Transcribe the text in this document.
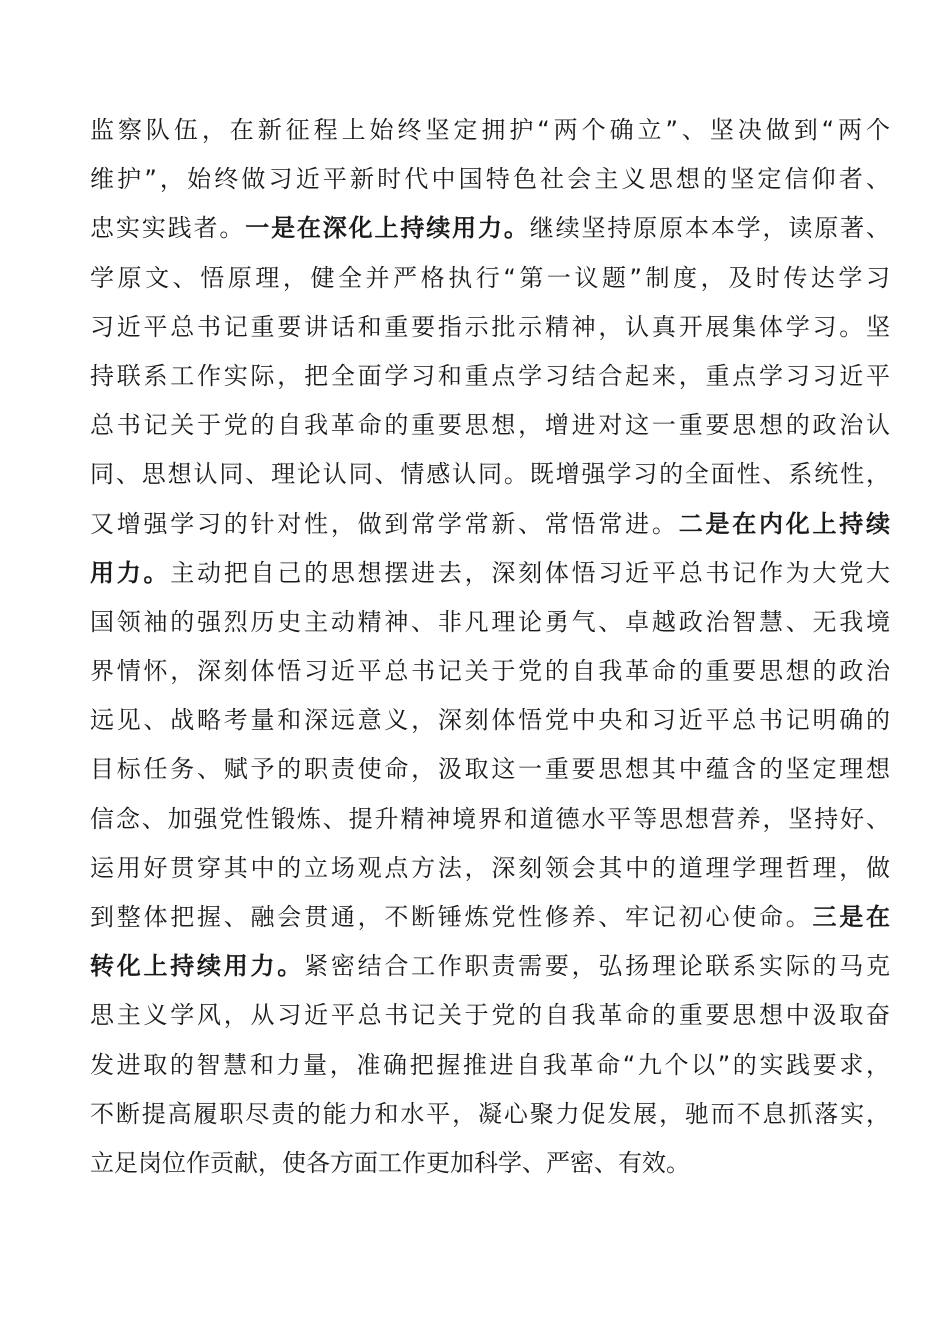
监察队伍，在新征程上始终坚定拥护“两个确立”、坚决做到“两个
维护”，始终做习近平新时代中国特色社会主义思想的坚定信仰者、
忠实实践者。一是在深化上持续用力。继续坚持原原本本学，读原著、
学原文、悟原理，健全并严格执行“第一议题”制度，及时传达学习
习近平总书记重要讲话和重要指示批示精神，认真开展集体学习。坚
持联系工作实际，把全面学习和重点学习结合起来，重点学习习近平
总书记关于党的自我革命的重要思想，增进对这一重要思想的政治认
同、思想认同、理论认同、情感认同。既增强学习的全面性、系统性，
又增强学习的针对性，做到常学常新、常悟常进。二是在内化上持续
用力。主动把自己的思想摆进去，深刻体悟习近平总书记作为大党大
国领袖的强烈历史主动精神、非凡理论勇气、卓越政治智慧、无我境
界情怀，深刻体悟习近平总书记关于党的自我革命的重要思想的政治
远见、战略考量和深远意义，深刻体悟党中央和习近平总书记明确的
目标任务、赋予的职责使命，汲取这一重要思想其中蕴含的坚定理想
信念、加强党性锻炼、提升精神境界和道德水平等思想营养，坚持好、
运用好贯穿其中的立场观点方法，深刻领会其中的道理学理哲理，做
到整体把握、融会贯通，不断锤炼党性修养、牢记初心使命。三是在
转化上持续用力。紧密结合工作职责需要，弘扬理论联系实际的马克
思主义学风，从习近平总书记关于党的自我革命的重要思想中汲取奋
发进取的智慧和力量，准确把握推进自我革命“九个以”的实践要求，
不断提高履职尽责的能力和水平，凝心聚力促发展，驰而不息抓落实，
立足岗位作贡献，使各方面工作更加科学、严密、有效。
